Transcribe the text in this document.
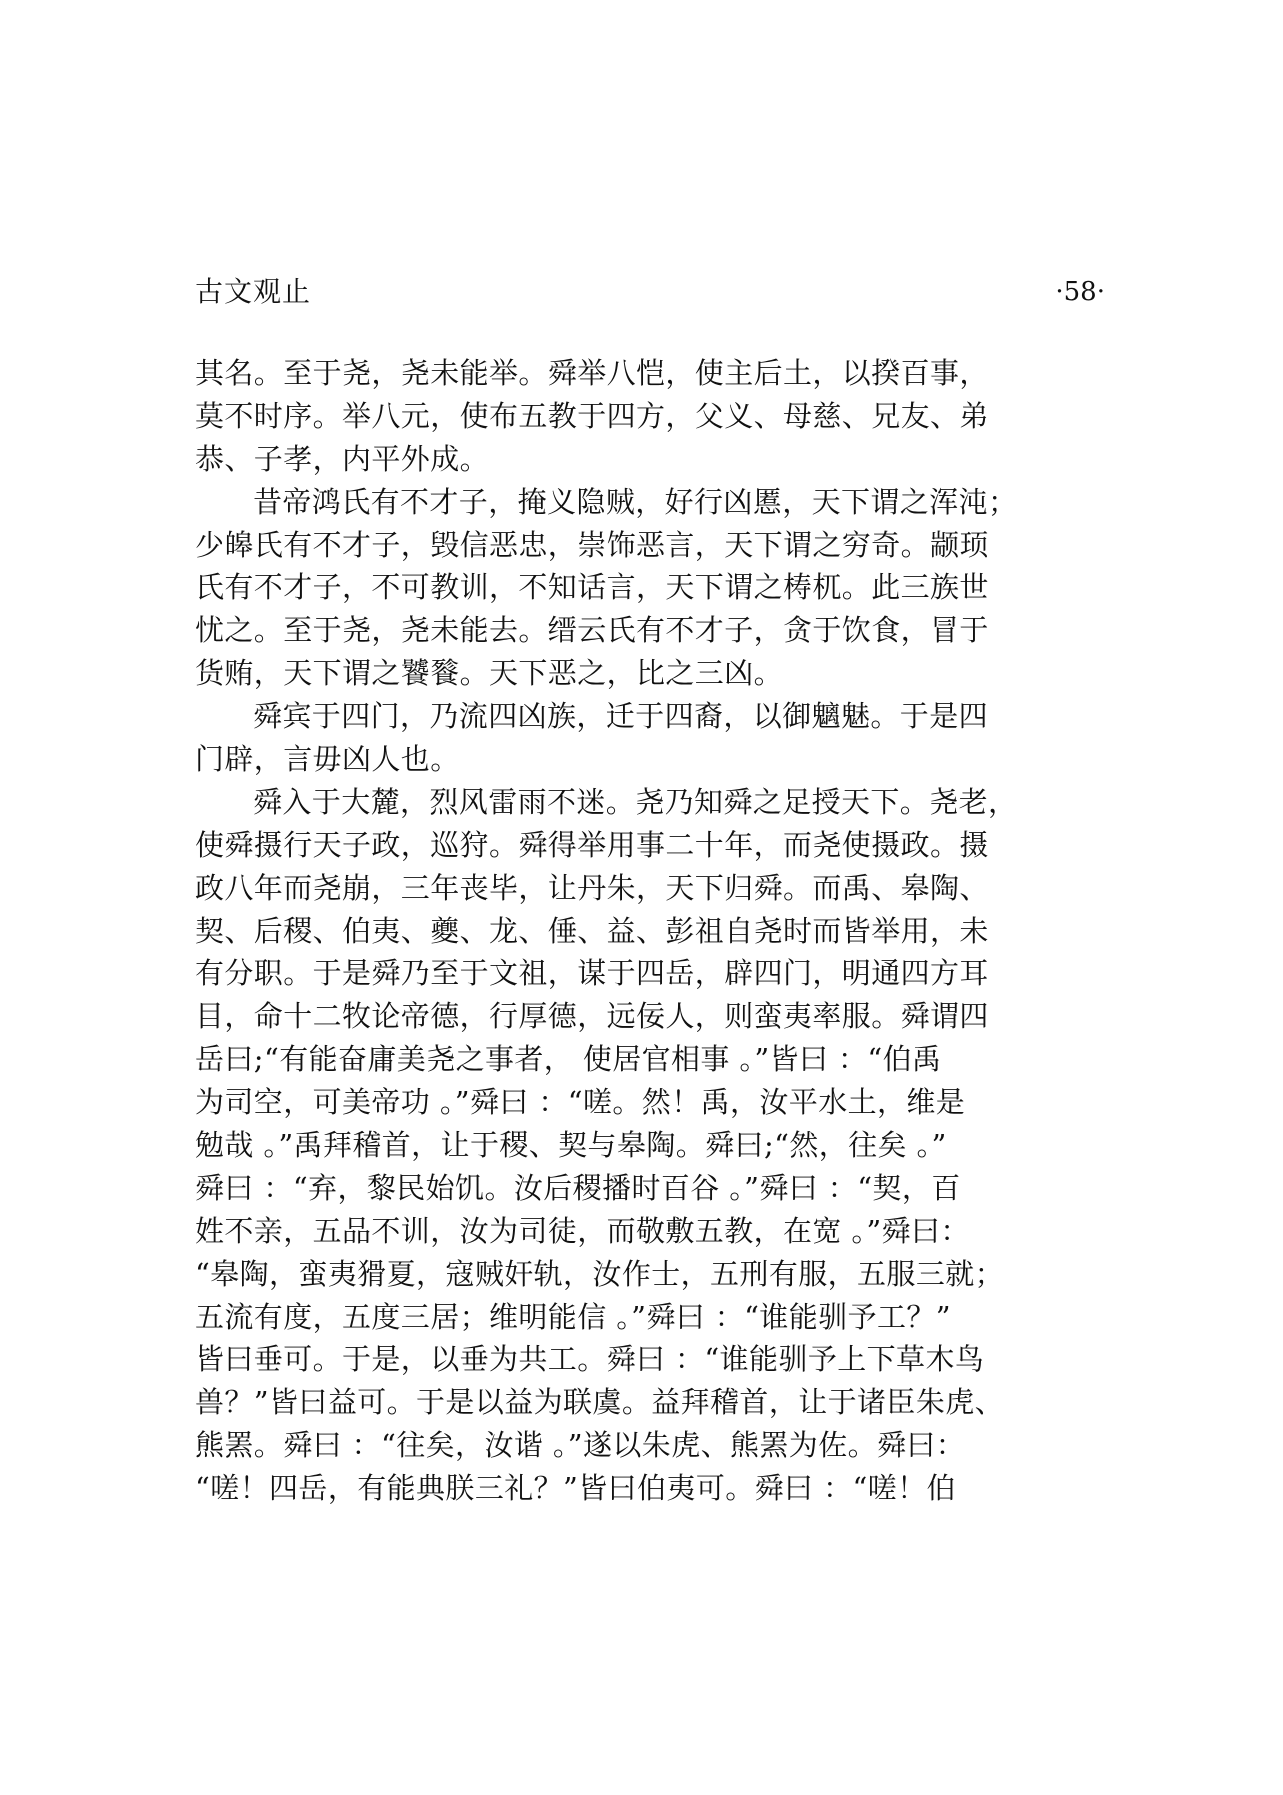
古文观止	·58·
其名。至于尧，尧未能举。舜举八恺，使主后土，以揆百事，
莫不时序。举八元，使布五教于四方，父义、母慈、兄友、弟
恭、子孝，内平外成。
昔帝鸿氏有不才子，掩义隐贼，好行凶慝，天下谓之浑沌；
少皞氏有不才子，毁信恶忠，崇饰恶言，天下谓之穷奇。颛顼
氏有不才子，不可教训，不知话言，天下谓之梼杌。此三族世
忧之。至于尧，尧未能去。缙云氏有不才子，贪于饮食，冒于
货贿，天下谓之饕餮。天下恶之，比之三凶。
舜宾于四门，乃流四凶族，迁于四裔，以御魑魅。于是四
门辟，言毋凶人也。
舜入于大麓，烈风雷雨不迷。尧乃知舜之足授天下。尧老，
使舜摄行天子政，巡狩。舜得举用事二十年，而尧使摄政。摄
政八年而尧崩，三年丧毕，让丹朱，天下归舜。而禹、皋陶、
契、后稷、伯夷、夔、龙、倕、益、彭祖自尧时而皆举用，未
有分职。于是舜乃至于文祖，谋于四岳，辟四门，明通四方耳
目，命十二牧论帝德，行厚德，远佞人，则蛮夷率服。舜谓四
岳曰;“有能奋庸美尧之事者， 使居官相事 。”皆曰 ：“伯禹
为司空，可美帝功 。”舜曰 ：“嗟。然！禹，汝平水土，维是
勉哉 。”禹拜稽首，让于稷、契与皋陶。舜曰;“然，往矣 。”
舜曰 ：“弃，黎民始饥。汝后稷播时百谷 。”舜曰 ：“契，百
姓不亲，五品不训，汝为司徒，而敬敷五教，在宽 。”舜曰：
“皋陶，蛮夷猾夏，寇贼奸轨，汝作士，五刑有服，五服三就；
五流有度，五度三居；维明能信 。”舜曰 ：“谁能驯予工？”
皆曰垂可。于是，以垂为共工。舜曰 ：“谁能驯予上下草木鸟
兽？”皆曰益可。于是以益为联虞。益拜稽首，让于诸臣朱虎、
熊罴。舜曰 ：“往矣，汝谐 。”遂以朱虎、熊罴为佐。舜曰：
“嗟！四岳，有能典朕三礼？”皆曰伯夷可。舜曰 ：“嗟！伯
